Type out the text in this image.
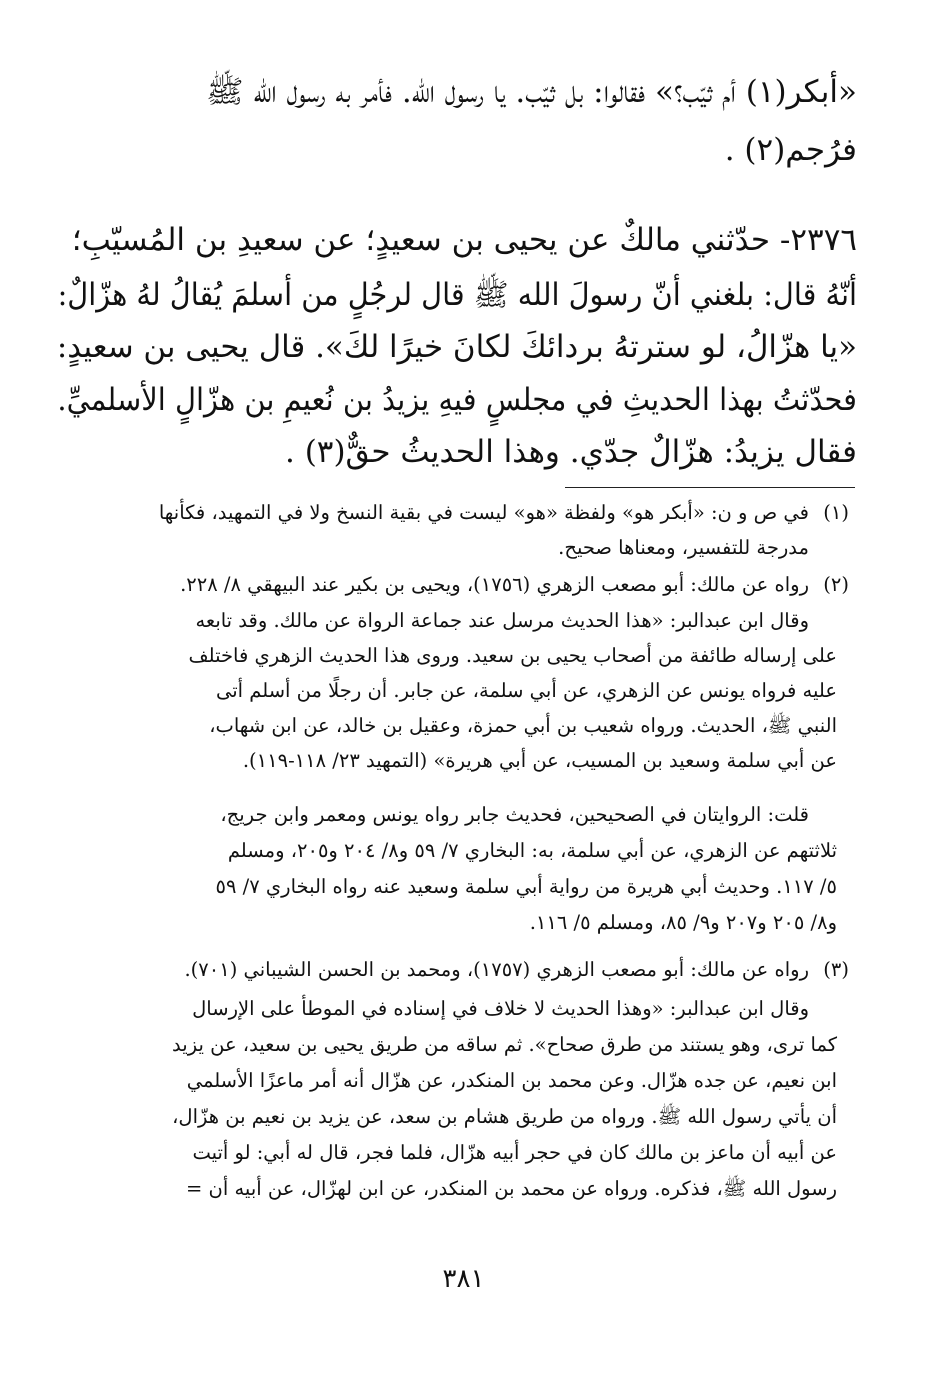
«أبكر(١) أم ثيّب؟» فقالوا: بل ثيّب. يا رسول الله. فأمر به رسول الله ﷺ
فرُجم(٢) .
٢٣٧٦- حدّثني مالكٌ عن يحيى بن سعيدٍ؛ عن سعيدِ بن المُسيّبِ؛
أنّهُ قال: بلغني أنّ رسولَ الله ﷺ قال لرجُلٍ من أسلمَ يُقالُ لهُ هزّالٌ:
«يا هزّالُ، لو سترتهُ بردائكَ لكانَ خيرًا لكَ». قال يحيى بن سعيدٍ:
فحدّثتُ بهذا الحديثِ في مجلسٍ فيهِ يزيدُ بن نُعيمِ بن هزّالٍ الأسلميِّ.
فقال يزيدُ: هزّالٌ جدّي. وهذا الحديثُ حقٌّ(٣) .
(١)
في ص و ن: «أبكر هو» ولفظة «هو» ليست في بقية النسخ ولا في التمهيد، فكأنها
مدرجة للتفسير، ومعناها صحيح.
(٢)
رواه عن مالك: أبو مصعب الزهري (١٧٥٦)، ويحيى بن بكير عند البيهقي ٨/ ٢٢٨.
وقال ابن عبدالبر: «هذا الحديث مرسل عند جماعة الرواة عن مالك. وقد تابعه
على إرساله طائفة من أصحاب يحيى بن سعيد. وروى هذا الحديث الزهري فاختلف
عليه فرواه يونس عن الزهري، عن أبي سلمة، عن جابر. أن رجلًا من أسلم أتى
النبي ﷺ، الحديث. ورواه شعيب بن أبي حمزة، وعقيل بن خالد، عن ابن شهاب،
عن أبي سلمة وسعيد بن المسيب، عن أبي هريرة» (التمهيد ٢٣/ ١١٨-١١٩).
قلت: الروايتان في الصحيحين، فحديث جابر رواه يونس ومعمر وابن جريج،
ثلاثتهم عن الزهري، عن أبي سلمة، به: البخاري ٧/ ٥٩ و٨/ ٢٠٤ و٢٠٥، ومسلم
٥/ ١١٧. وحديث أبي هريرة من رواية أبي سلمة وسعيد عنه رواه البخاري ٧/ ٥٩
و٨/ ٢٠٥ و٢٠٧ و٩/ ٨٥، ومسلم ٥/ ١١٦.
(٣)
رواه عن مالك: أبو مصعب الزهري (١٧٥٧)، ومحمد بن الحسن الشيباني (٧٠١).
وقال ابن عبدالبر: «وهذا الحديث لا خلاف في إسناده في الموطأ على الإرسال
كما ترى، وهو يستند من طرق صحاح». ثم ساقه من طريق يحيى بن سعيد، عن يزيد
ابن نعيم، عن جده هزّال. وعن محمد بن المنكدر، عن هزّال أنه أمر ماعزًا الأسلمي
أن يأتي رسول الله ﷺ. ورواه من طريق هشام بن سعد، عن يزيد بن نعيم بن هزّال،
عن أبيه أن ماعز بن مالك كان في حجر أبيه هزّال، فلما فجر، قال له أبي: لو أتيت
رسول الله ﷺ، فذكره. ورواه عن محمد بن المنكدر، عن ابن لهزّال، عن أبيه أن =
٣٨١
